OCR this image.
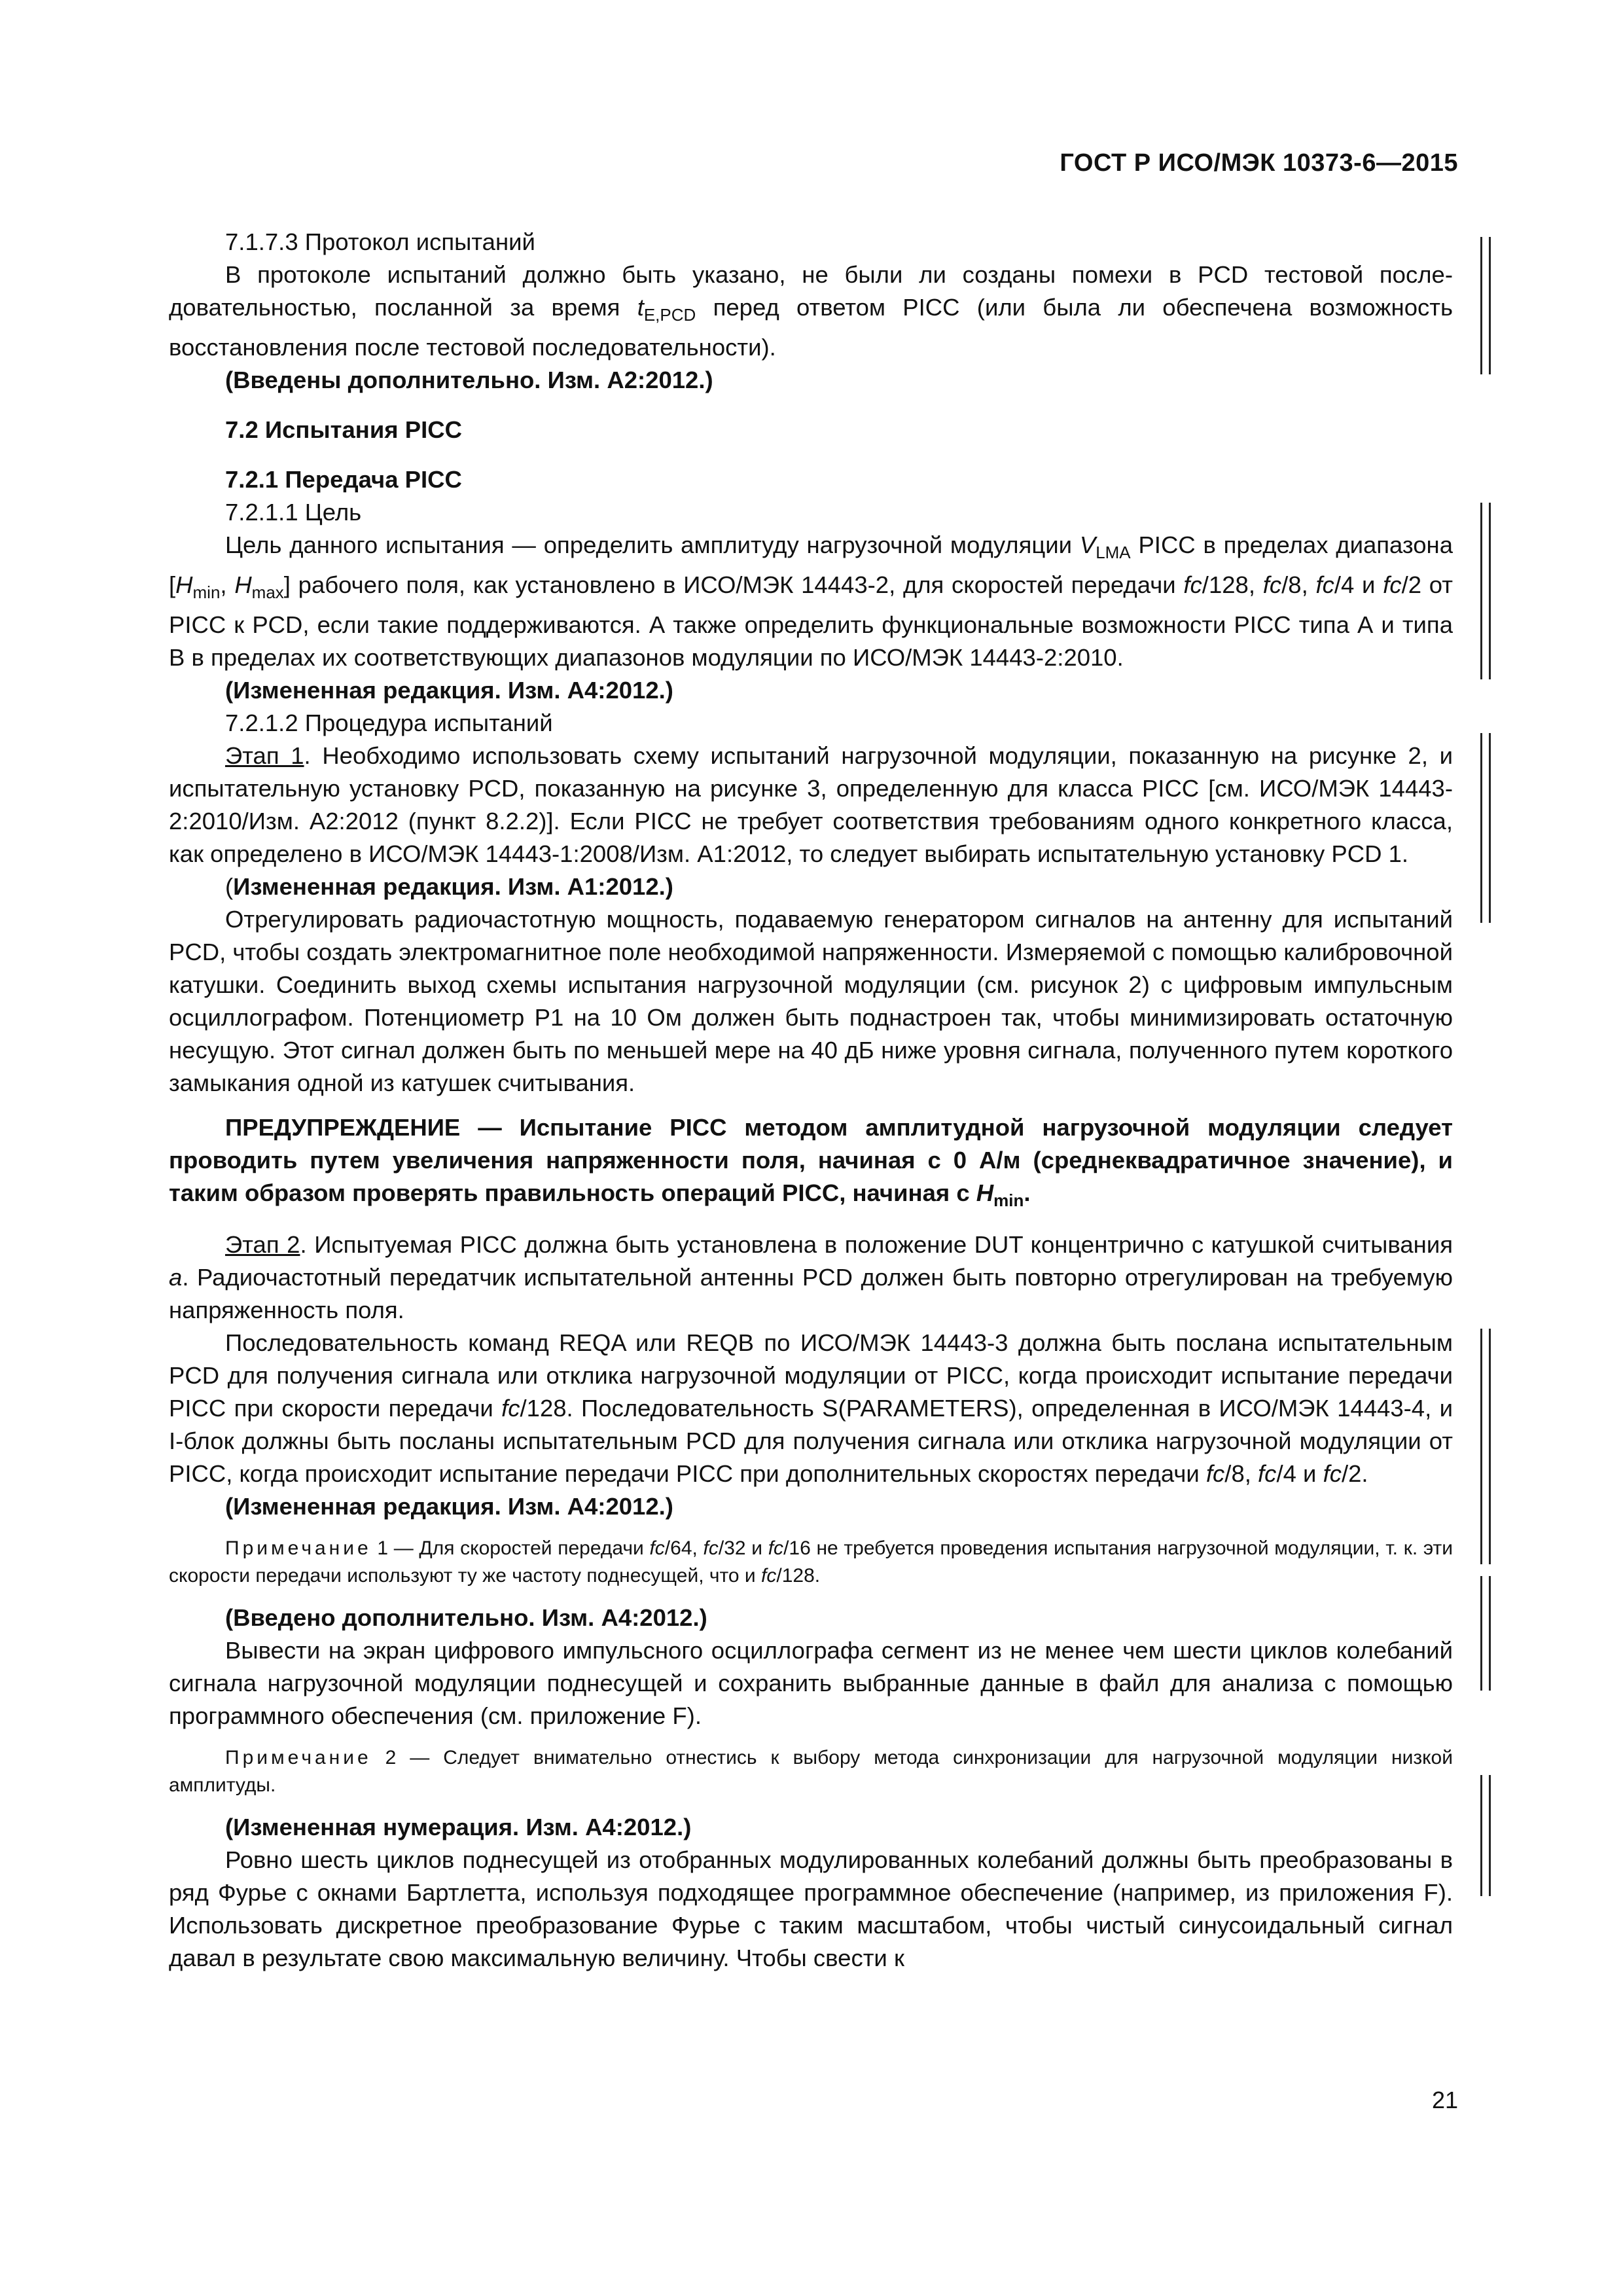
ГОСТ Р ИСО/МЭК 10373-6—2015

7.1.7.3 Протокол испытаний

В протоколе испытаний должно быть указано, не были ли созданы помехи в PCD тестовой последовательностью, посланной за время $t_{E,PCD}$ перед ответом PICC (или была ли обеспечена возможность восстановления после тестовой последовательности).

(Введены дополнительно. Изм. А2:2012.)

7.2 Испытания PICC

7.2.1 Передача PICC

7.2.1.1 Цель

Цель данного испытания — определить амплитуду нагрузочной модуляции $V_{LMA}$ PICC в пределах диапазона [$H_{min}$, $H_{max}$] рабочего поля, как установлено в ИСО/МЭК 14443-2, для скоростей передачи fc/128, fc/8, fc/4 и fc/2 от PICC к PCD, если такие поддерживаются. А также определить функциональные возможности PICC типа А и типа В в пределах их соответствующих диапазонов модуляции по ИСО/МЭК 14443-2:2010.

(Измененная редакция. Изм. А4:2012.)

7.2.1.2 Процедура испытаний

Этап 1. Необходимо использовать схему испытаний нагрузочной модуляции, показанную на рисунке 2, и испытательную установку PCD, показанную на рисунке 3, определенную для класса PICC [см. ИСО/МЭК 14443-2:2010/Изм. А2:2012 (пункт 8.2.2)]. Если PICC не требует соответствия требованиям одного конкретного класса, как определено в ИСО/МЭК 14443-1:2008/Изм. А1:2012, то следует выбирать испытательную установку PCD 1.

(Измененная редакция. Изм. А1:2012.)

Отрегулировать радиочастотную мощность, подаваемую генератором сигналов на антенну для испытаний PCD, чтобы создать электромагнитное поле необходимой напряженности. Измеряемой с помощью калибровочной катушки. Соединить выход схемы испытания нагрузочной модуляции (см. рисунок 2) с цифровым импульсным осциллографом. Потенциометр P1 на 10 Ом должен быть поднастроен так, чтобы минимизировать остаточную несущую. Этот сигнал должен быть по меньшей мере на 40 дБ ниже уровня сигнала, полученного путем короткого замыкания одной из катушек считывания.

ПРЕДУПРЕЖДЕНИЕ — Испытание PICC методом амплитудной нагрузочной модуляции следует проводить путем увеличения напряженности поля, начиная с 0 А/м (среднеквадратичное значение), и таким образом проверять правильность операций PICC, начиная с $H_{min}$.

Этап 2. Испытуемая PICC должна быть установлена в положение DUT концентрично с катушкой считывания a. Радиочастотный передатчик испытательной антенны PCD должен быть повторно отрегулирован на требуемую напряженность поля.

Последовательность команд REQA или REQB по ИСО/МЭК 14443-3 должна быть послана испытательным PCD для получения сигнала или отклика нагрузочной модуляции от PICC, когда происходит испытание передачи PICC при скорости передачи fc/128. Последовательность S(PARAMETERS), определенная в ИСО/МЭК 14443-4, и I-блок должны быть посланы испытательным PCD для получения сигнала или отклика нагрузочной модуляции от PICC, когда происходит испытание передачи PICC при дополнительных скоростях передачи fc/8, fc/4 и fc/2.

(Измененная редакция. Изм. А4:2012.)

Примечание 1 — Для скоростей передачи fc/64, fc/32 и fc/16 не требуется проведения испытания нагрузочной модуляции, т. к. эти скорости передачи используют ту же частоту поднесущей, что и fc/128.

(Введено дополнительно. Изм. А4:2012.)

Вывести на экран цифрового импульсного осциллографа сегмент из не менее чем шести циклов колебаний сигнала нагрузочной модуляции поднесущей и сохранить выбранные данные в файл для анализа с помощью программного обеспечения (см. приложение F).

Примечание 2 — Следует внимательно отнестись к выбору метода синхронизации для нагрузочной модуляции низкой амплитуды.

(Измененная нумерация. Изм. А4:2012.)

Ровно шесть циклов поднесущей из отобранных модулированных колебаний должны быть преобразованы в ряд Фурье с окнами Бартлетта, используя подходящее программное обеспечение (например, из приложения F). Использовать дискретное преобразование Фурье с таким масштабом, чтобы чистый синусоидальный сигнал давал в результате свою максимальную величину. Чтобы свести к

21
